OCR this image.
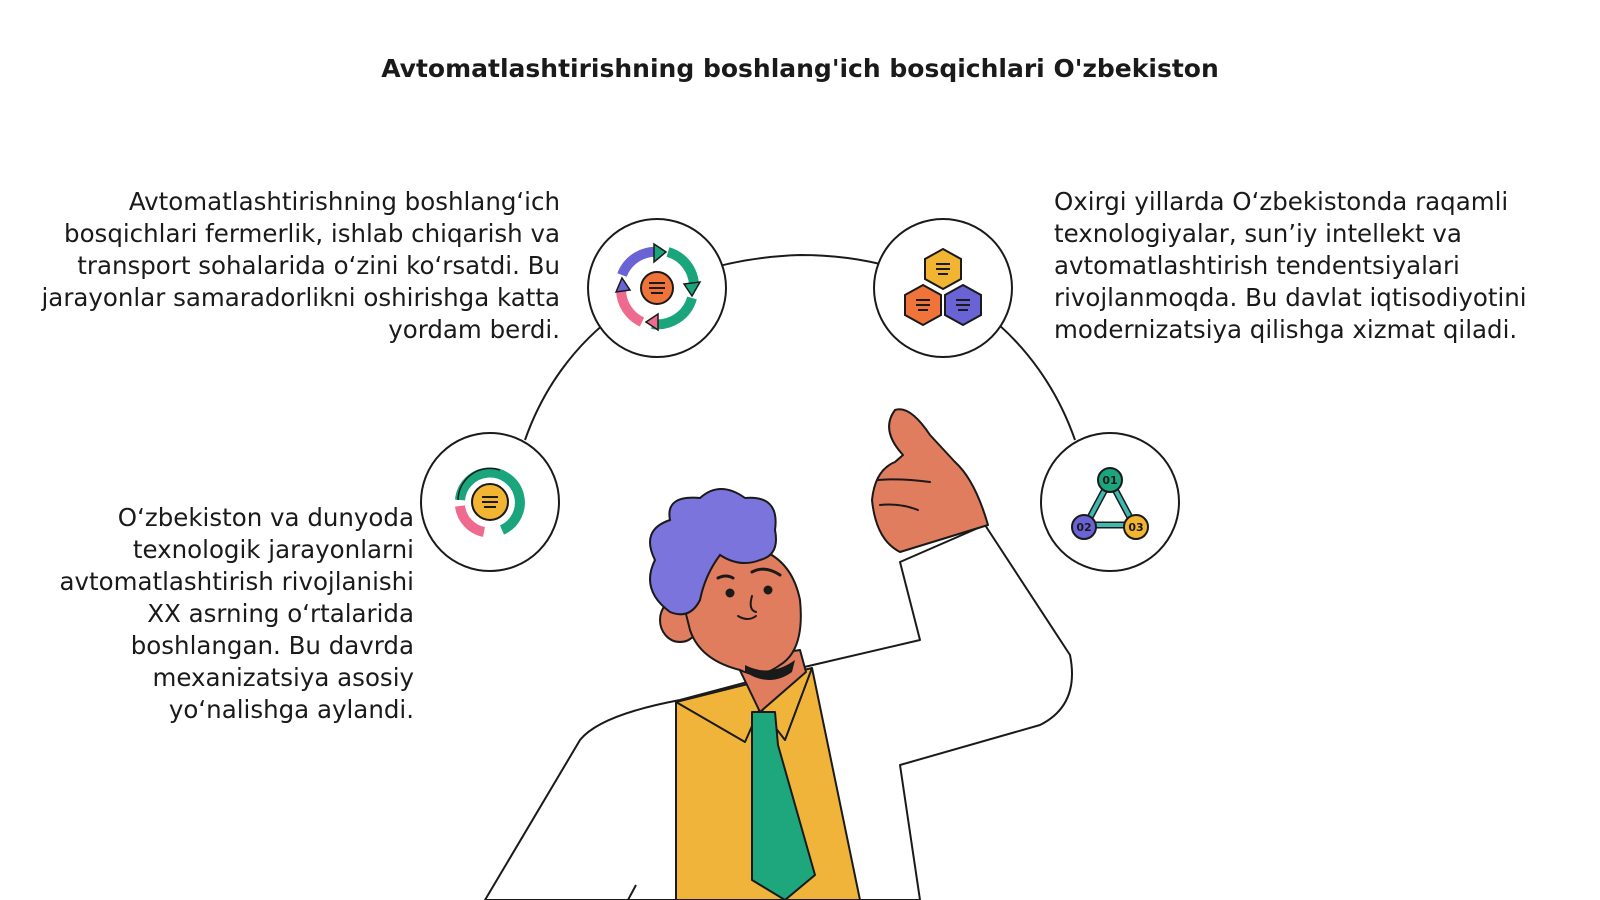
Avtomatlashtirishning boshlang'ich bosqichlari O'zbekiston

Avtomatlashtirishning boshlang‘ich bosqichlari fermerlik, ishlab chiqarish va transport sohalarida o‘zini ko‘rsatdi. Bu jarayonlar samaradorlikni oshirishga katta yordam berdi.

O‘zbekiston va dunyoda texnologik jarayonlarni avtomatlashtirish rivojlanishi XX asrning o‘rtalarida boshlangan. Bu davrda mexanizatsiya asosiy yo‘nalishga aylandi.

Oxirgi yillarda O‘zbekistonda raqamli texnologiyalar, sun’iy intellekt va avtomatlashtirish tendentsiyalari rivojlanmoqda. Bu davlat iqtisodiyotini modernizatsiya qilishga xizmat qiladi.

01
02	03
